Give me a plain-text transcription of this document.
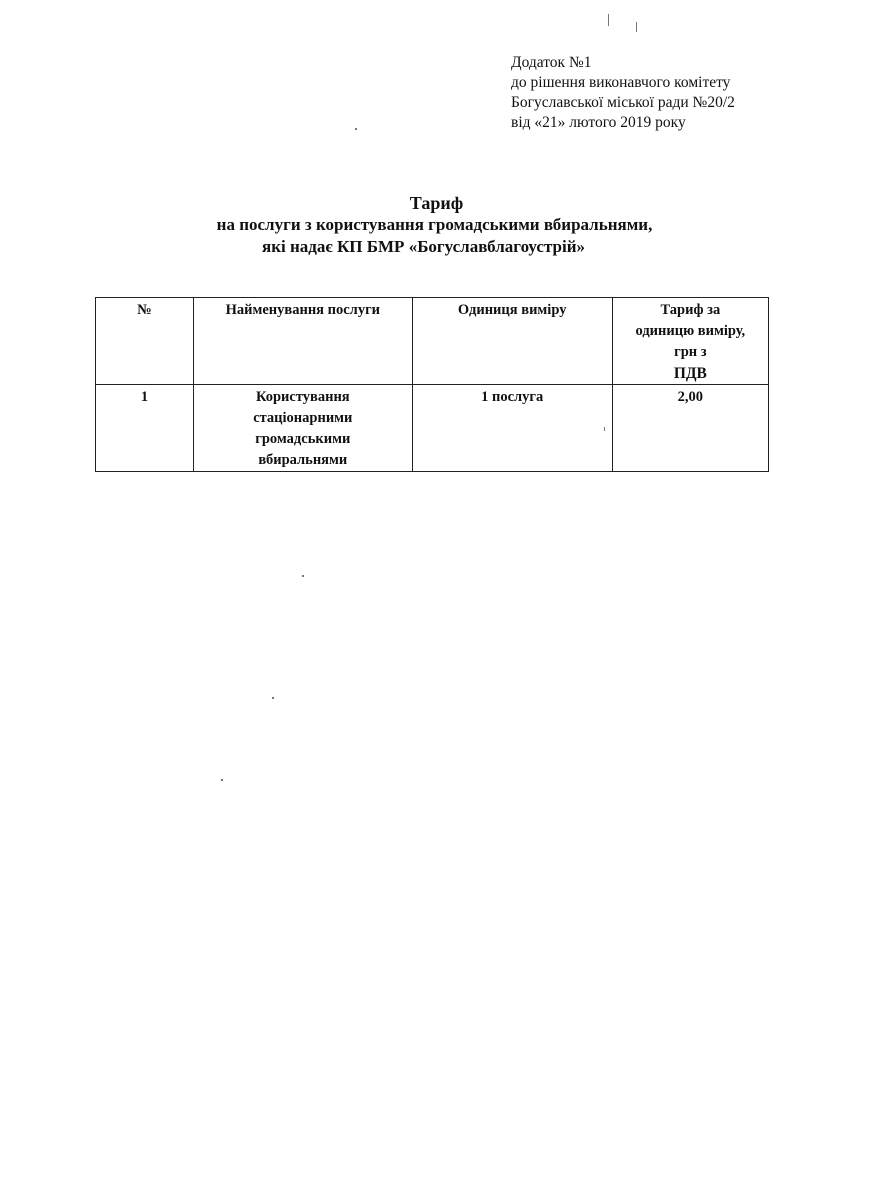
Додаток №1
до рішення виконавчого комітету
Богуславської міської ради №20/2
від «21» лютого 2019 року
Тариф
на послуги з користування громадськими вбиральнями,
які надає КП БМР «Богуславблагоустрій»
№	Найменування послуги	Одиниця виміру	Тариф за
одиницю виміру,
грн з
ПДВ

1	Користування
стаціонарними
громадськими
вбиральнями	1 послуга	2,00
